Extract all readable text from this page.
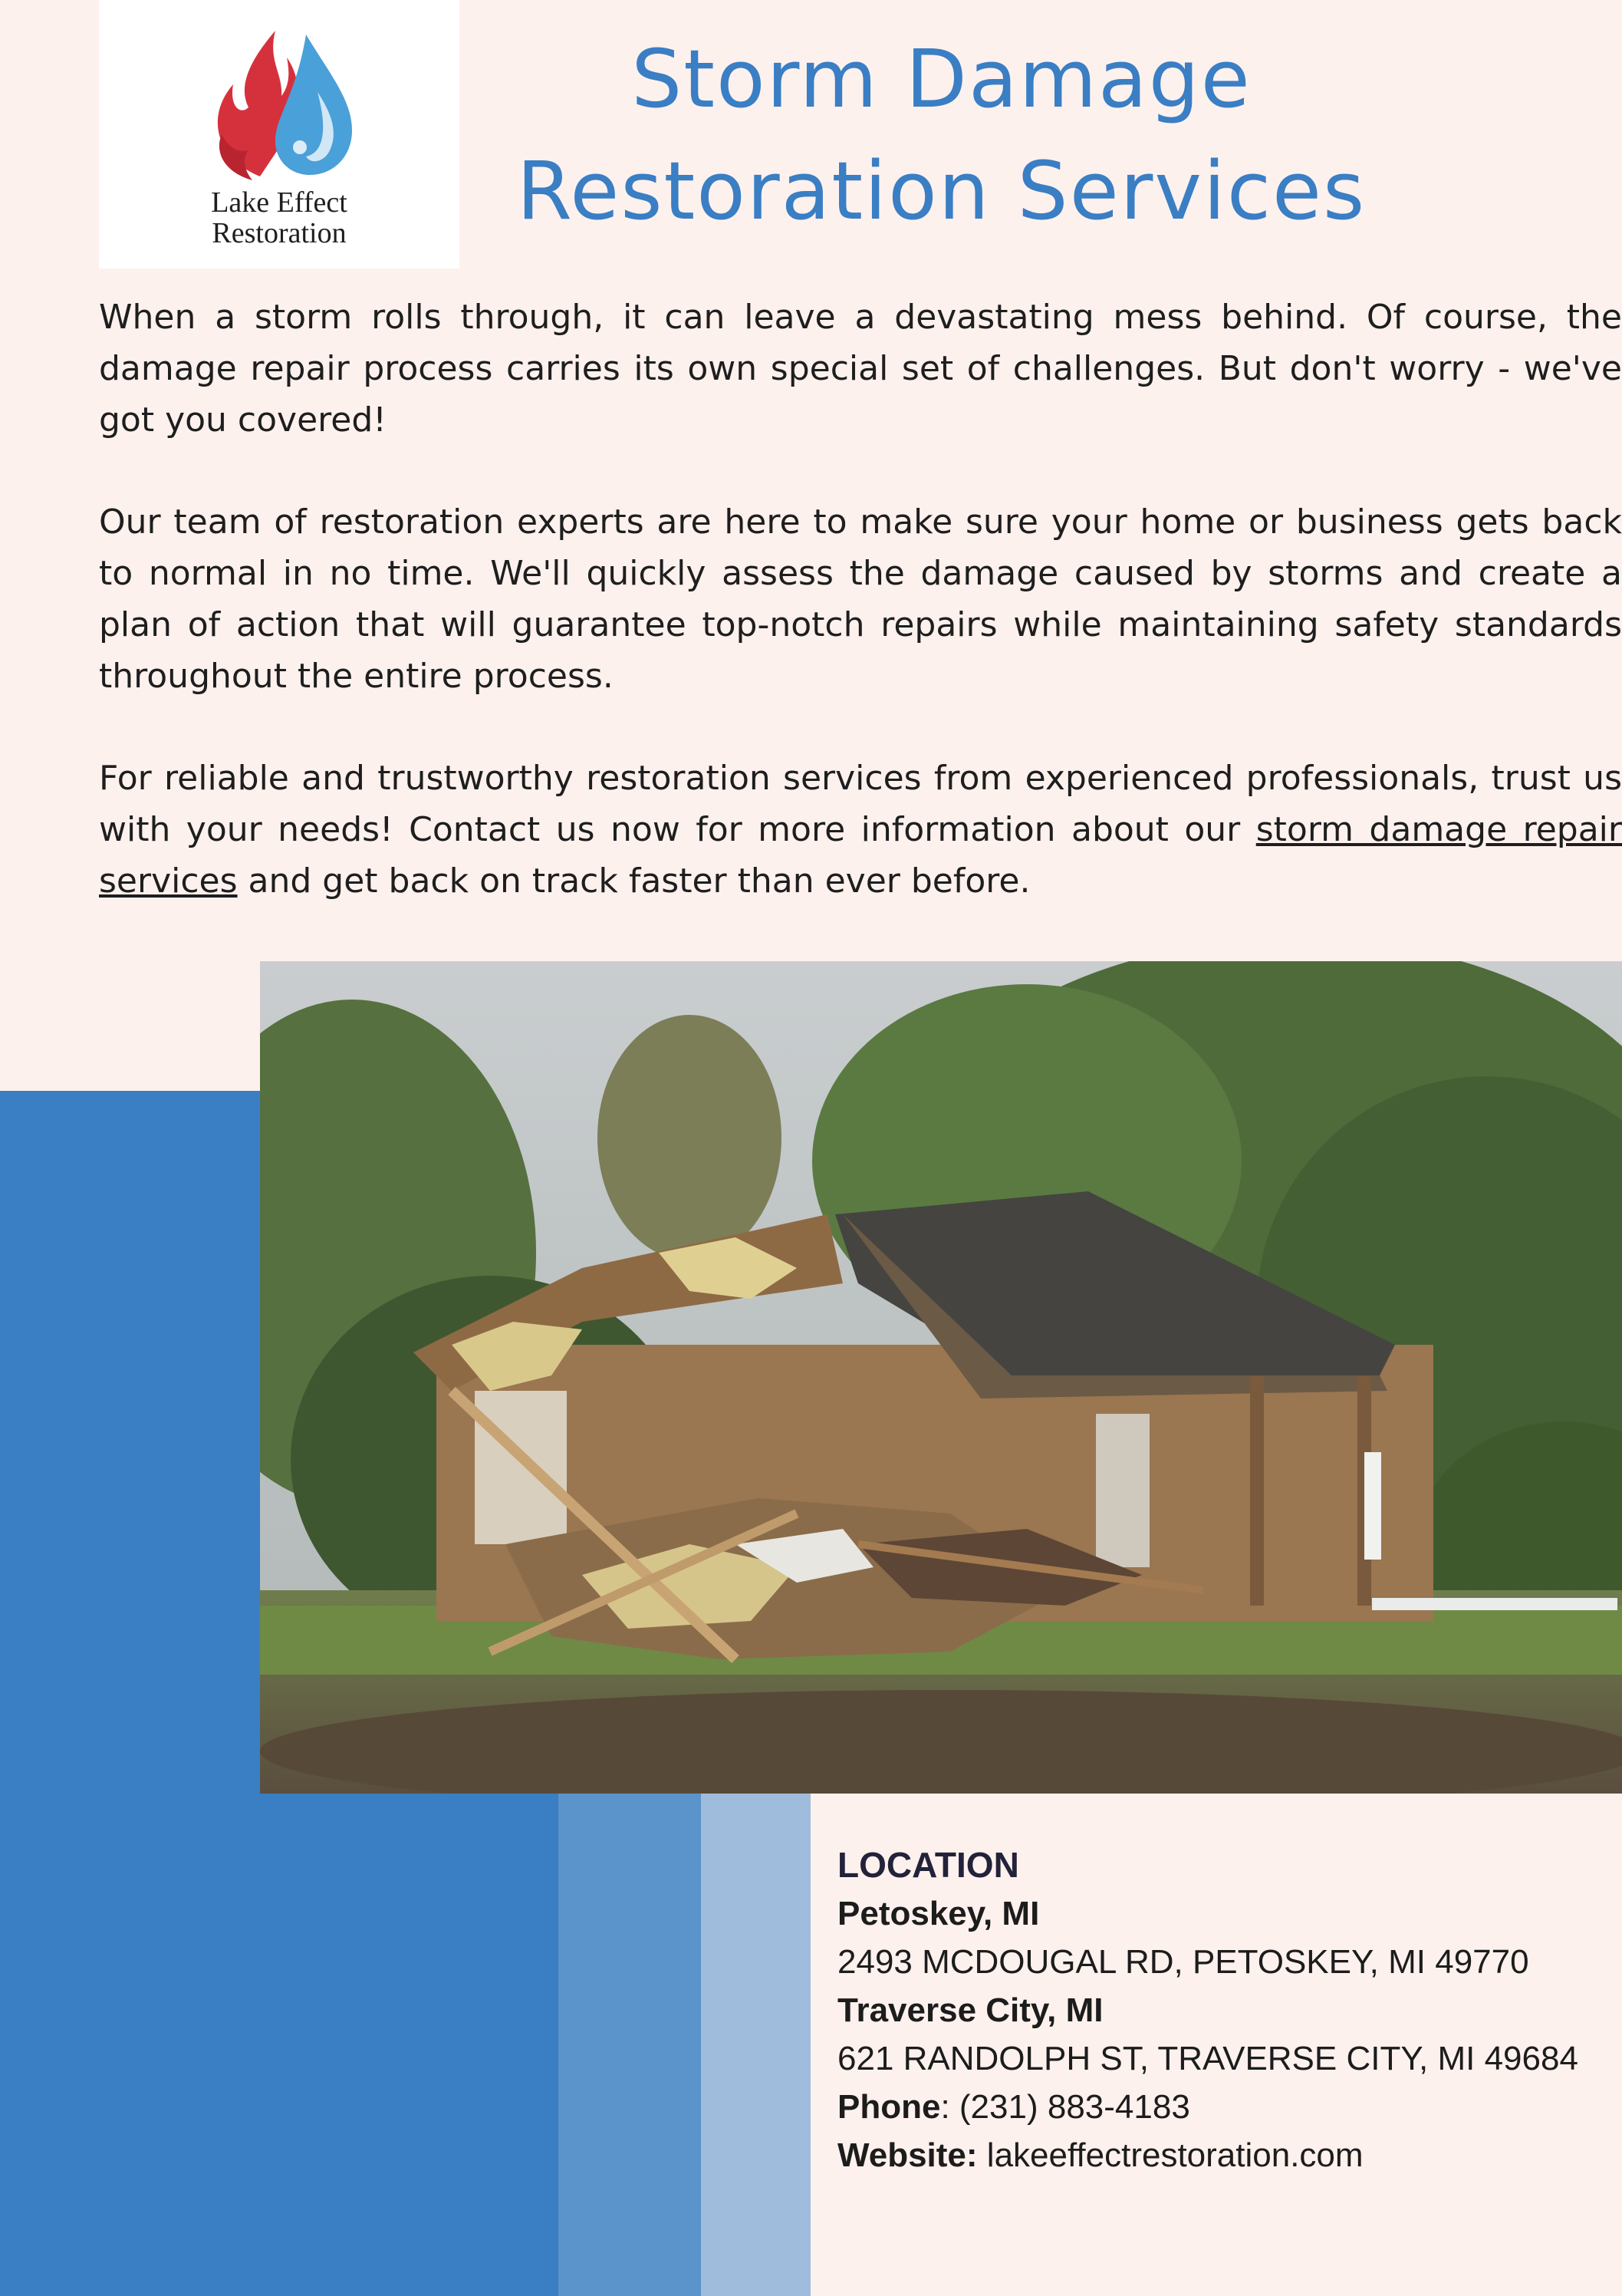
Lake Effect
Restoration
Storm Damage
Restoration Services

When a storm rolls through, it can leave a devastating mess behind. Of course, the damage repair process carries its own special set of challenges. But don't worry - we've got you covered!

Our team of restoration experts are here to make sure your home or business gets back to normal in no time. We'll quickly assess the damage caused by storms and create a plan of action that will guarantee top-notch repairs while maintaining safety standards throughout the entire process.

For reliable and trustworthy restoration services from experienced professionals, trust us with your needs! Contact us now for more information about our storm damage repair services and get back on track faster than ever before.

LOCATION
Petoskey, MI
2493 MCDOUGAL RD, PETOSKEY, MI 49770
Traverse City, MI
621 RANDOLPH ST, TRAVERSE CITY, MI 49684
Phone: (231) 883-4183
Website: lakeeffectrestoration.com
